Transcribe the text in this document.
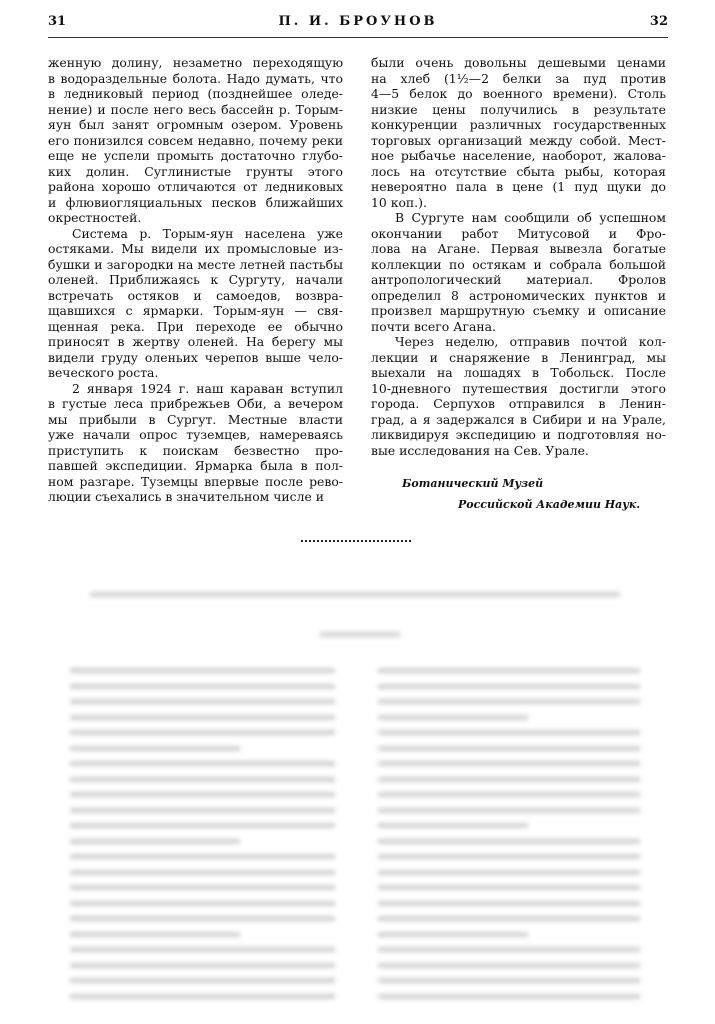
31	П. И. БРОУНОВ	32
женную долину, незаметно переходящую
в водораздельные болота. Надо думать, что
в ледниковый период (позднейшее оледе-
нение) и после него весь бассейн р. Торым-
яун был занят огромным озером. Уровень
его понизился совсем недавно, почему реки
еще не успели промыть достаточно глубо-
ких долин. Суглинистые грунты этого
района хорошо отличаются от ледниковых
и флювиогляциальных песков ближайших
окрестностей.
Система р. Торым-яун населена уже
остяками. Мы видели их промысловые из-
бушки и загородки на месте летней пастьбы
оленей. Приближаясь к Сургуту, начали
встречать остяков и самоедов, возвра-
щавшихся с ярмарки. Торым-яун — свя-
щенная река. При переходе ее обычно
приносят в жертву оленей. На берегу мы
видели груду оленьих черепов выше чело-
веческого роста.
2 января 1924 г. наш караван вступил
в густые леса прибрежьев Оби, а вечером
мы прибыли в Сургут. Местные власти
уже начали опрос туземцев, намереваясь
приступить к поискам безвестно про-
павшей экспедиции. Ярмарка была в пол-
ном разгаре. Туземцы впервые после рево-
люции съехались в значительном числе и
были очень довольны дешевыми ценами
на хлеб (1½—2 белки за пуд против
4—5 белок до военного времени). Столь
низкие цены получились в результате
конкуренции различных государственных
торговых организаций между собой. Мест-
ное рыбачье население, наоборот, жалова-
лось на отсутствие сбыта рыбы, которая
невероятно пала в цене (1 пуд щуки до
10 коп.).
В Сургуте нам сообщили об успешном
окончании работ Митусовой и Фро-
лова на Агане. Первая вывезла богатые
коллекции по остякам и собрала большой
антропологический материал. Фролов
определил 8 астрономических пунктов и
произвел маршрутную съемку и описание
почти всего Агана.
Через неделю, отправив почтой кол-
лекции и снаряжение в Ленинград, мы
выехали на лошадях в Тобольск. После
10-дневного путешествия достигли этого
города. Серпухов отправился в Ленин-
град, а я задержался в Сибири и на Урале,
ликвидируя экспедицию и подготовляя но-
вые исследования на Сев. Урале.
Ботанический Музей
Российской Академии Наук.
